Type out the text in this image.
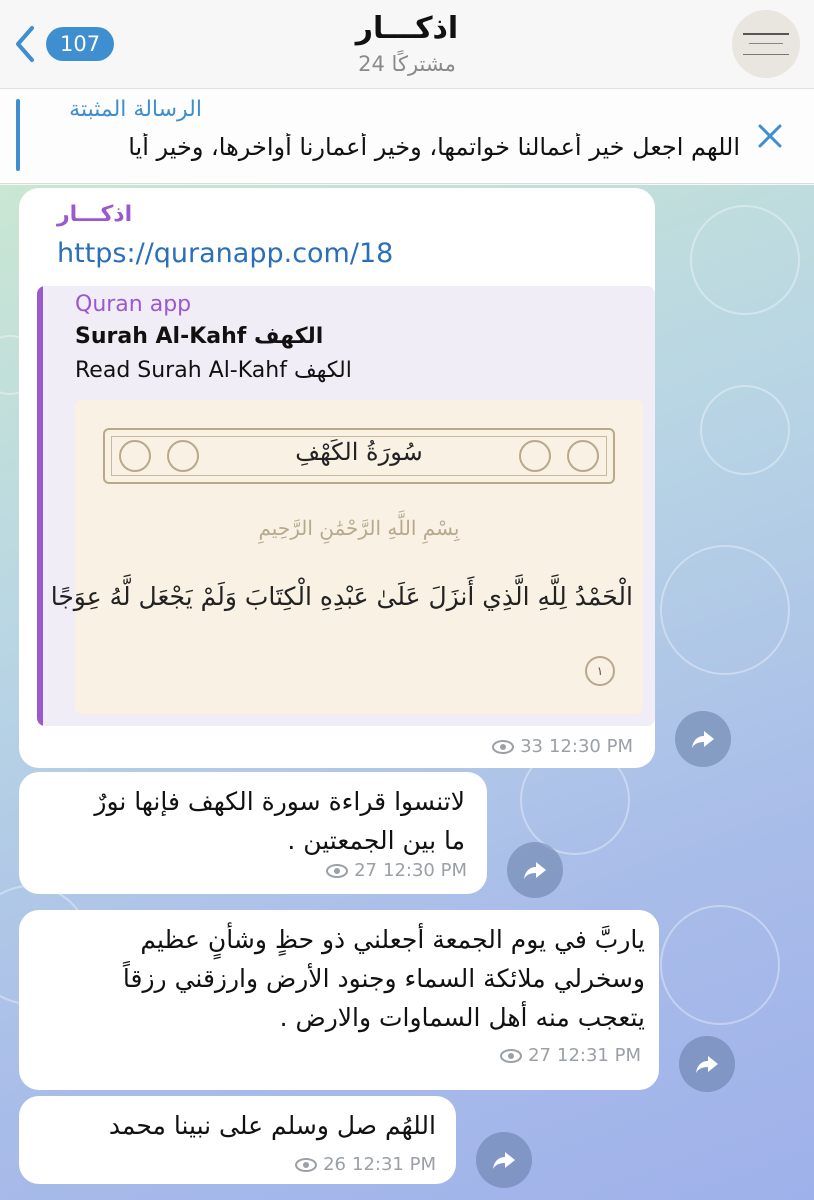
107	اذكـــار
24 مشتركًا
الرسالة المثبتة
اللهم اجعل خير أعمالنا خواتمها، وخير أعمارنا أواخرها، وخير أيا
اذكـــار
https://quranapp.com/18
Quran app
Surah Al-Kahf الكهف
Read Surah Al-Kahf الكهف
سُورَةُ الكَهْفِ
بِسْمِ اللَّهِ الرَّحْمَٰنِ الرَّحِيمِ
الْحَمْدُ لِلَّهِ الَّذِي أَنزَلَ عَلَىٰ عَبْدِهِ الْكِتَابَ وَلَمْ يَجْعَل لَّهُ عِوَجًا
١
33 12:30 PM
لاتنسوا قراءة سورة الكهف فإنها نورٌ
ما بين الجمعتين .
27 12:30 PM
ياربَّ في يوم الجمعة أجعلني ذو حظٍ وشأنٍ عظيم
وسخرلي ملائكة السماء وجنود الأرض وارزقني رزقاً
يتعجب منه أهل السماوات والارض .
27 12:31 PM
اللهُم صل وسلم على نبينا محمد
26 12:31 PM
